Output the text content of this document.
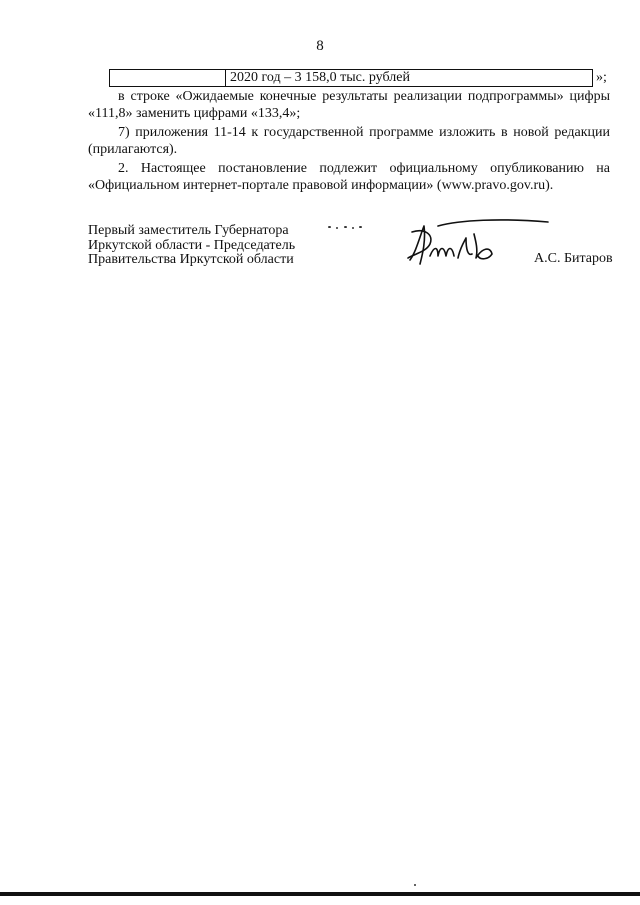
8
2020 год – 3 158,0 тыс. рублей	»;

в строке «Ожидаемые конечные результаты реализации подпрограммы» цифры «111,8» заменить цифрами «133,4»;

7) приложения 11-14 к государственной программе изложить в новой редакции (прилагаются).

2. Настоящее постановление подлежит официальному опубликованию на «Официальном интернет-портале правовой информации» (www.pravo.gov.ru).

Первый заместитель Губернатора
Иркутской области - Председатель
Правительства Иркутской области	А.С. Битаров
